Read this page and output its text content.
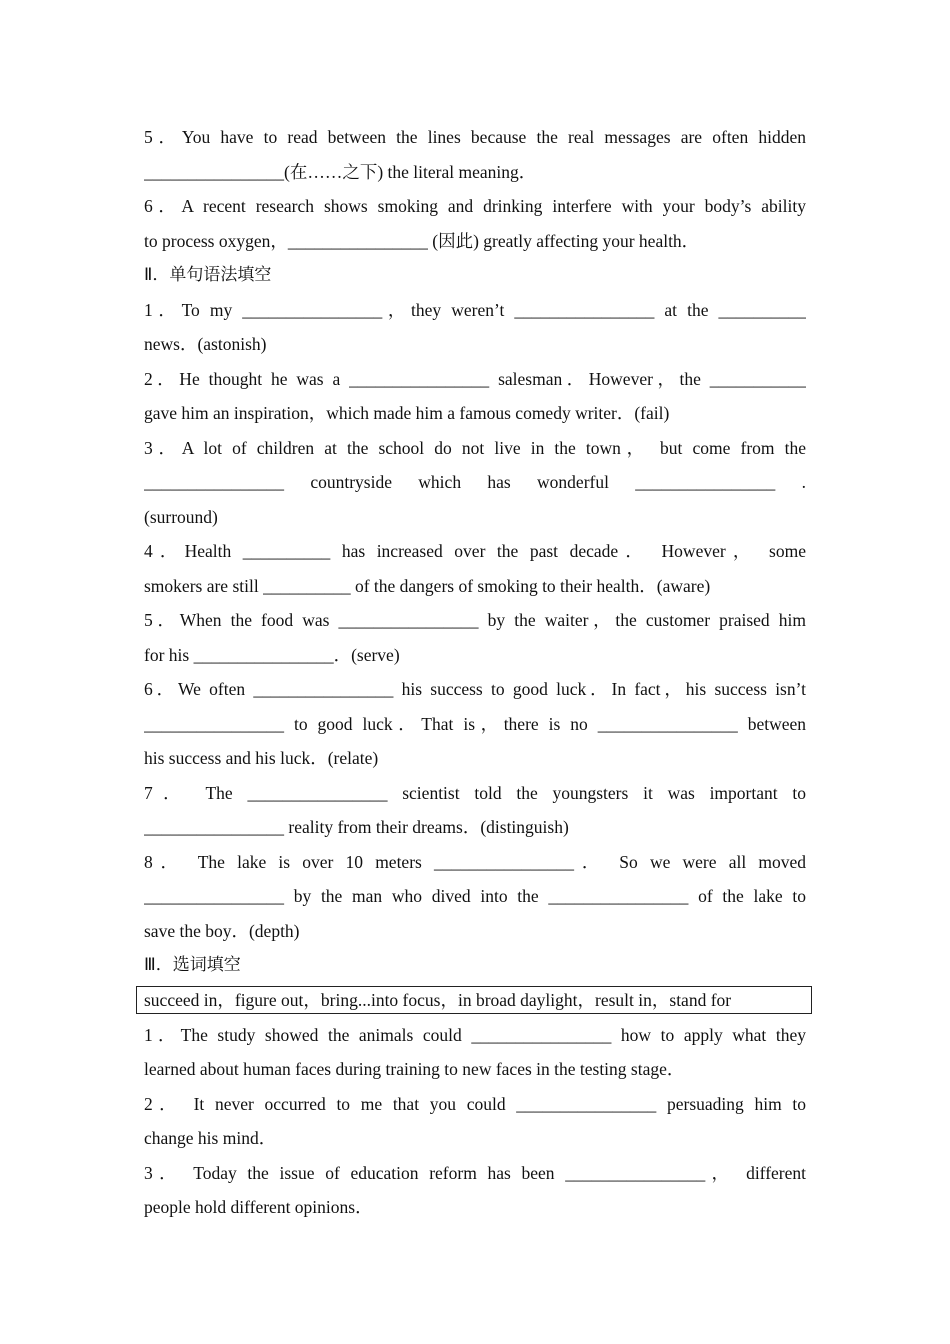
5．You have to read between the lines because the real messages are often hidden
________________(在……之下) the literal meaning．
6．A recent research shows smoking and drinking interfere with your body’s ability
to process oxygen，________________ (因此) greatly affecting your health．
Ⅱ．单句语法填空
1．To my ________________，they weren’t ________________ at the __________
news．(astonish)
2．He thought he was a ________________ salesman．However，the ___________
gave him an inspiration，which made him a famous comedy writer．(fail)
3．A lot of children at the school do not live in the town， but come from the
________________ countryside which has wonderful ________________ .
(surround)
4．Health __________ has increased over the past decade． However， some
smokers are still __________ of the dangers of smoking to their health．(aware)
5．When the food was ________________ by the waiter，the customer praised him
for his ________________．(serve)
6．We often ________________ his success to good luck．In fact，his success isn’t
________________ to good luck．That is，there is no ________________ between
his success and his luck．(relate)
7． The ________________ scientist told the youngsters it was important to
________________ reality from their dreams．(distinguish)
8． The lake is over 10 meters ________________． So we were all moved
________________ by the man who dived into the ________________ of the lake to
save the boy．(depth)
Ⅲ．选词填空
succeed in，figure out，bring...into focus，in broad daylight，result in，stand for
1．The study showed the animals could ________________ how to apply what they
learned about human faces during training to new faces in the testing stage．
2． It never occurred to me that you could ________________ persuading him to
change his mind．
3． Today the issue of education reform has been ________________， different
people hold different opinions．
